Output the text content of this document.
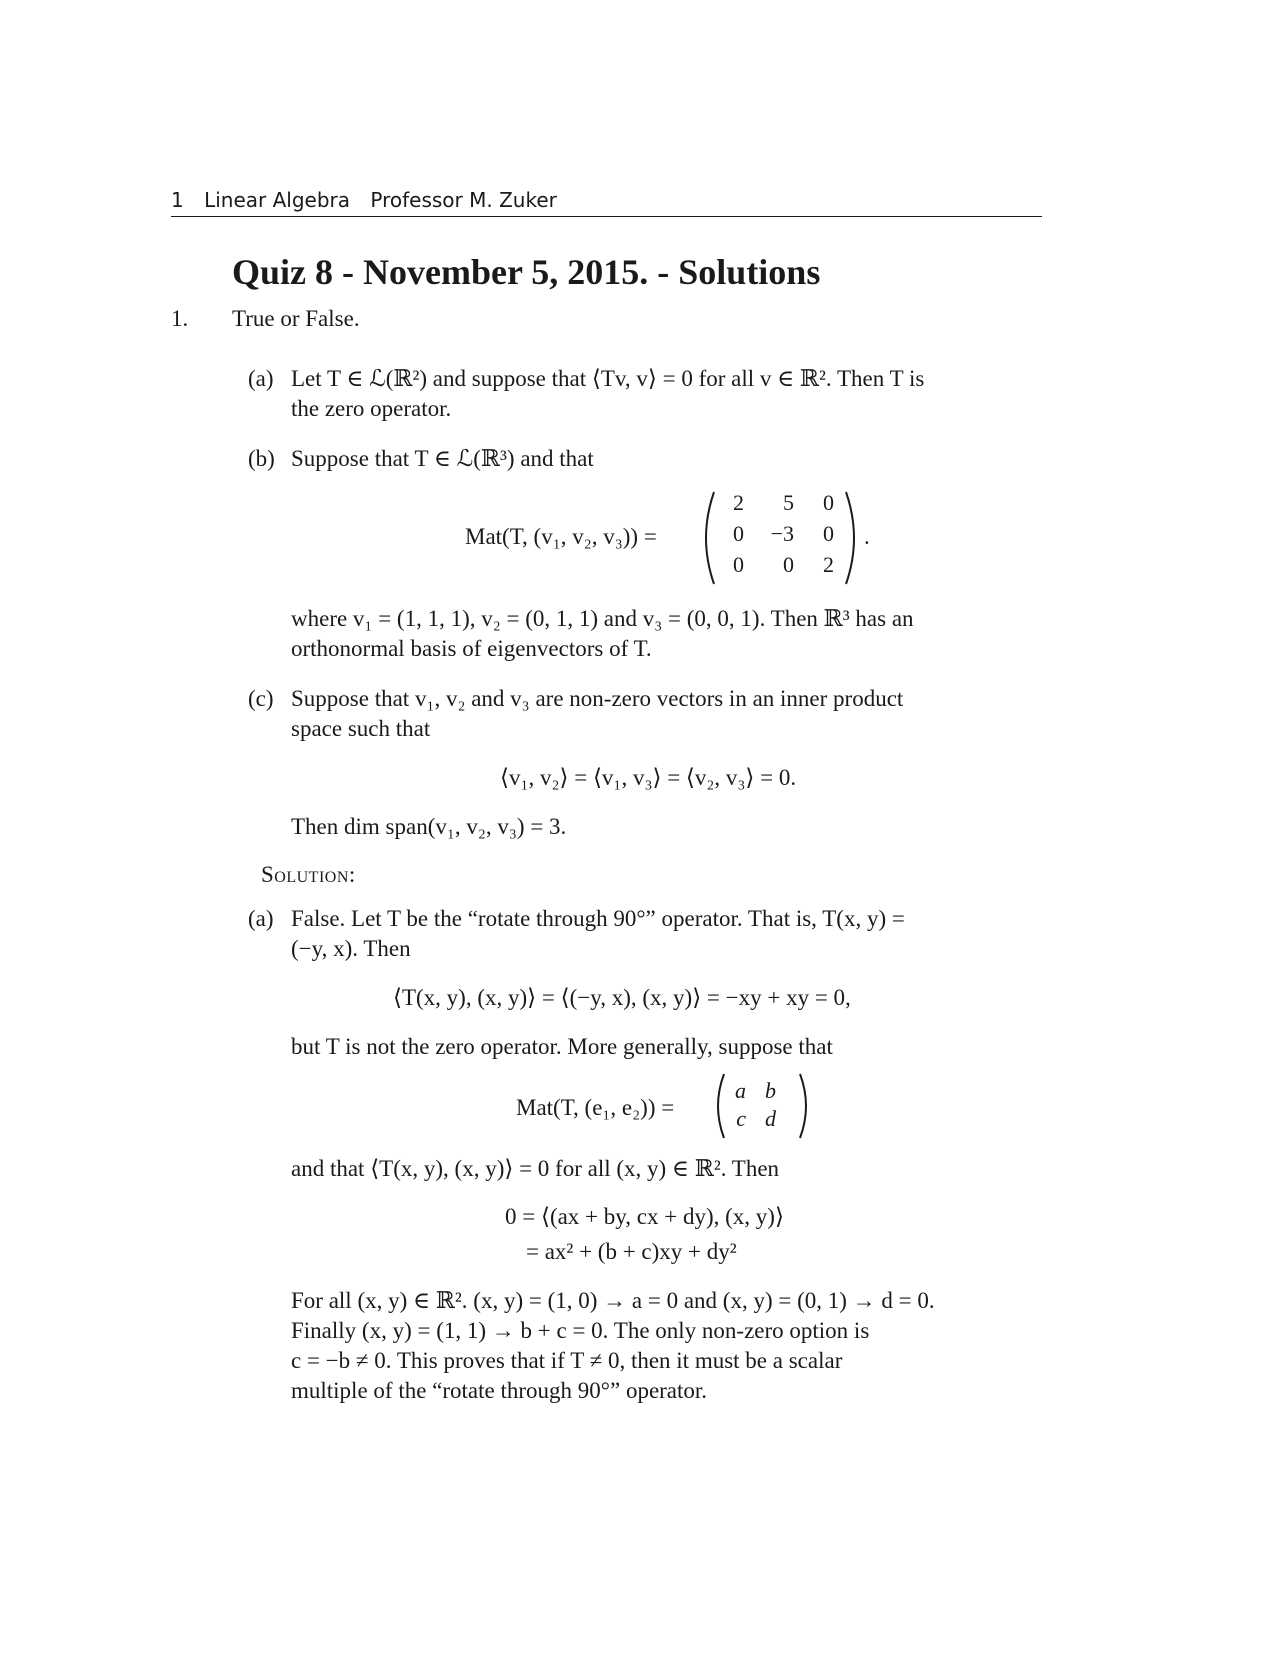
1 Linear Algebra Professor M. Zuker
Quiz 8 - November 5, 2015. - Solutions
1. True or False.
(a) Let T ∈ ℒ(ℝ²) and suppose that ⟨Tv, v⟩ = 0 for all v ∈ ℝ². Then T is
the zero operator.
(b) Suppose that T ∈ ℒ(ℝ³) and that
Mat(T, (v₁, v₂, v₃)) =
2	5	0
0	−3	0
0	0	2
.
where v₁ = (1, 1, 1), v₂ = (0, 1, 1) and v₃ = (0, 0, 1). Then ℝ³ has an
orthonormal basis of eigenvectors of T.
(c) Suppose that v₁, v₂ and v₃ are non-zero vectors in an inner product
space such that
⟨v₁, v₂⟩ = ⟨v₁, v₃⟩ = ⟨v₂, v₃⟩ = 0.
Then dim span(v₁, v₂, v₃) = 3.
Solution:
(a) False. Let T be the “rotate through 90°” operator. That is, T(x, y) =
(−y, x). Then
⟨T(x, y), (x, y)⟩ = ⟨(−y, x), (x, y)⟩ = −xy + xy = 0,
but T is not the zero operator. More generally, suppose that
Mat(T, (e₁, e₂)) =
a b
c d
and that ⟨T(x, y), (x, y)⟩ = 0 for all (x, y) ∈ ℝ². Then
0 = ⟨(ax + by, cx + dy), (x, y)⟩
= ax² + (b + c)xy + dy²
For all (x, y) ∈ ℝ². (x, y) = (1, 0) → a = 0 and (x, y) = (0, 1) → d = 0.
Finally (x, y) = (1, 1) → b + c = 0. The only non-zero option is
c = −b ≠ 0. This proves that if T ≠ 0, then it must be a scalar
multiple of the “rotate through 90°” operator.
